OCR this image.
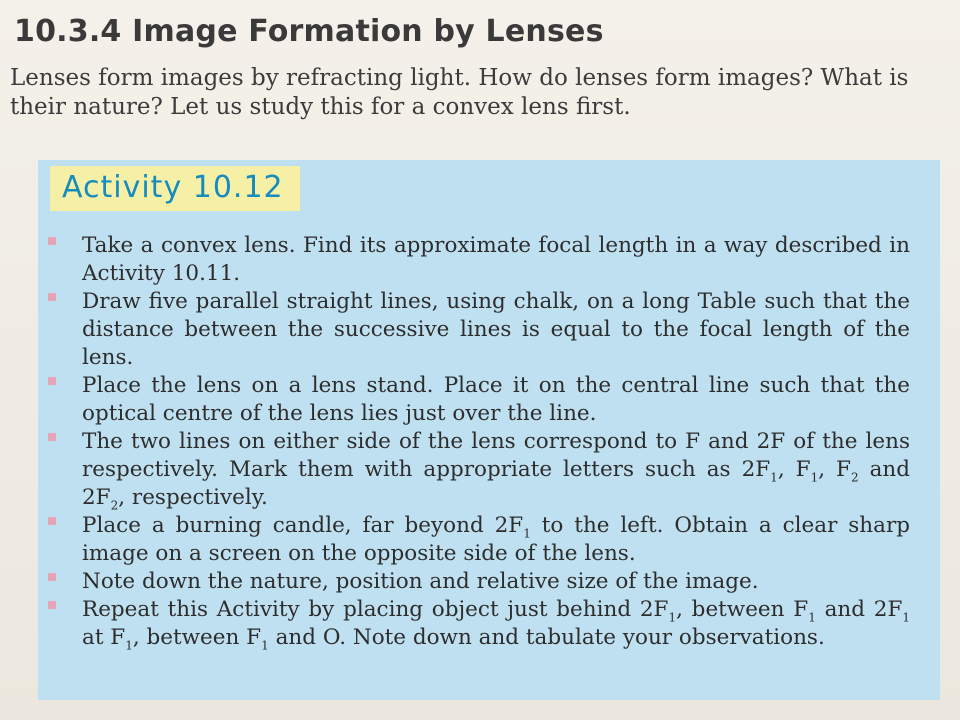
10.3.4 Image Formation by Lenses

Lenses form images by refracting light. How do lenses form images? What is their nature? Let us study this for a convex lens first.

Activity 10.12
Take a convex lens. Find its approximate focal length in a way described in Activity 10.11.
Draw five parallel straight lines, using chalk, on a long Table such that the distance between the successive lines is equal to the focal length of the lens.
Place the lens on a lens stand. Place it on the central line such that the optical centre of the lens lies just over the line.
The two lines on either side of the lens correspond to F and 2F of the lens respectively. Mark them with appropriate letters such as $2F_1$, $F_1$, $F_2$ and $2F_2$, respectively.
Place a burning candle, far beyond $2F_1$ to the left. Obtain a clear sharp image on a screen on the opposite side of the lens.
Note down the nature, position and relative size of the image.
Repeat this Activity by placing object just behind $2F_1$, between $F_1$ and $2F_1$ at $F_1$, between $F_1$ and O. Note down and tabulate your observations.
